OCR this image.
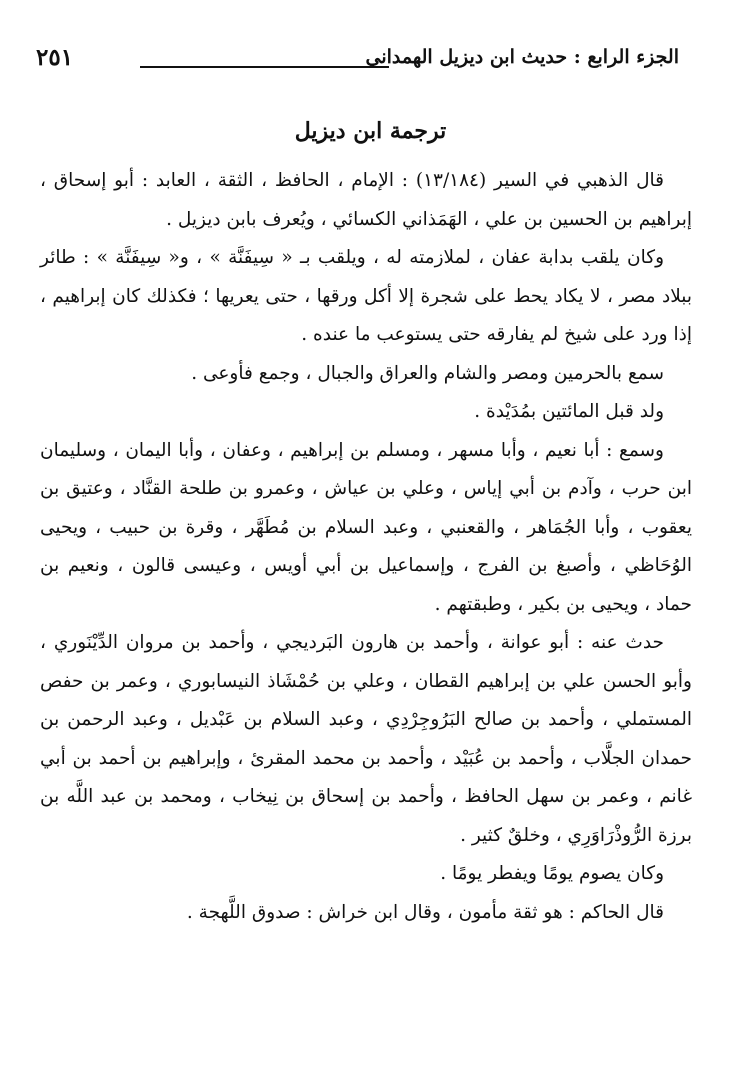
الجزء الرابع : حديث ابن ديزيل الهمداني
٢٥١
ترجمة ابن ديزيل

قال الذهبي في السير (١٣/١٨٤) : الإمام ، الحافظ ، الثقة ، العابد : أبو إسحاق ، إبراهيم بن الحسين بن علي ، الهَمَذاني الكسائي ، ويُعرف بابن ديزيل .

وكان يلقب بدابة عفان ، لملازمته له ، ويلقب بـ « سِيفَنَّة » ، و« سِيفَنَّة » : طائر ببلاد مصر ، لا يكاد يحط على شجرة إلا أكل ورقها ، حتى يعريها ؛ فكذلك كان إبراهيم ، إذا ورد على شيخ لم يفارقه حتى يستوعب ما عنده .

سمع بالحرمين ومصر والشام والعراق والجبال ، وجمع فأوعى .

ولد قبل المائتين بمُدَيْدة .

وسمع : أبا نعيم ، وأبا مسهر ، ومسلم بن إبراهيم ، وعفان ، وأبا اليمان ، وسليمان ابن حرب ، وآدم بن أبي إياس ، وعلي بن عياش ، وعمرو بن طلحة القنَّاد ، وعتيق بن يعقوب ، وأبا الجُمَاهر ، والقعنبي ، وعبد السلام بن مُطَهَّر ، وقرة بن حبيب ، ويحيى الوُحَاظي ، وأصبغ بن الفرج ، وإسماعيل بن أبي أويس ، وعيسى قالون ، ونعيم بن حماد ، ويحيى بن بكير ، وطبقتهم .

حدث عنه : أبو عوانة ، وأحمد بن هارون البَرديجي ، وأحمد بن مروان الدِّيْنَوري ، وأبو الحسن علي بن إبراهيم القطان ، وعلي بن حُمْشَاذ النيسابوري ، وعمر بن حفص المستملي ، وأحمد بن صالح البَرُوجِرْدِي ، وعبد السلام بن عَبْديل ، وعبد الرحمن بن حمدان الجلَّاب ، وأحمد بن عُبَيْد ، وأحمد بن محمد المقرئ ، وإبراهيم بن أحمد بن أبي غانم ، وعمر بن سهل الحافظ ، وأحمد بن إسحاق بن نِيخاب ، ومحمد بن عبد اللَّه بن برزة الرُّوذْرَاوَرِي ، وخلقٌ كثير .

وكان يصوم يومًا ويفطر يومًا .

قال الحاكم : هو ثقة مأمون ، وقال ابن خراش : صدوق اللَّهجة .
